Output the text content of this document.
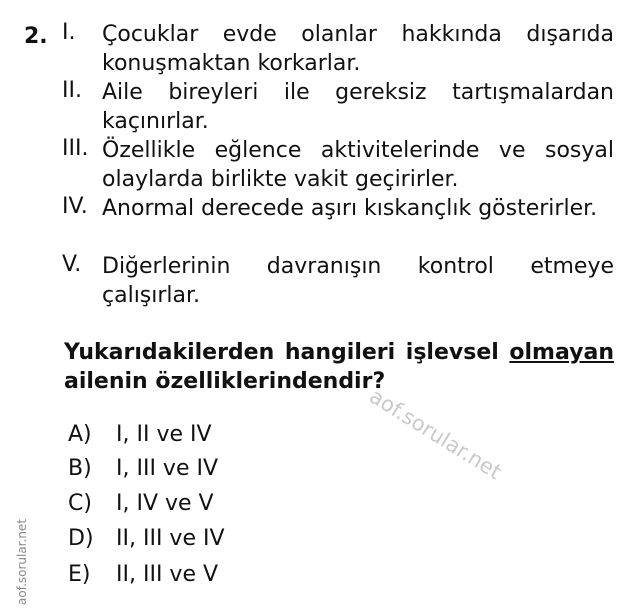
2. I. Çocuklar evde olanlar hakkında dışarıda konuşmaktan korkarlar.
II. Aile bireyleri ile gereksiz tartışmalardan kaçınırlar.
III. Özellikle eğlence aktivitelerinde ve sosyal olaylarda birlikte vakit geçirirler.
IV. Anormal derecede aşırı kıskançlık gösterirler.
V. Diğerlerinin davranışın kontrol etmeye çalışırlar.
Yukarıdakilerden hangileri işlevsel olmayan ailenin özelliklerindendir?
aof.sorular.net
A) I, II ve IV
B) I, III ve IV
C) I, IV ve V
D) II, III ve IV
E) II, III ve V
aof.sorular.net
